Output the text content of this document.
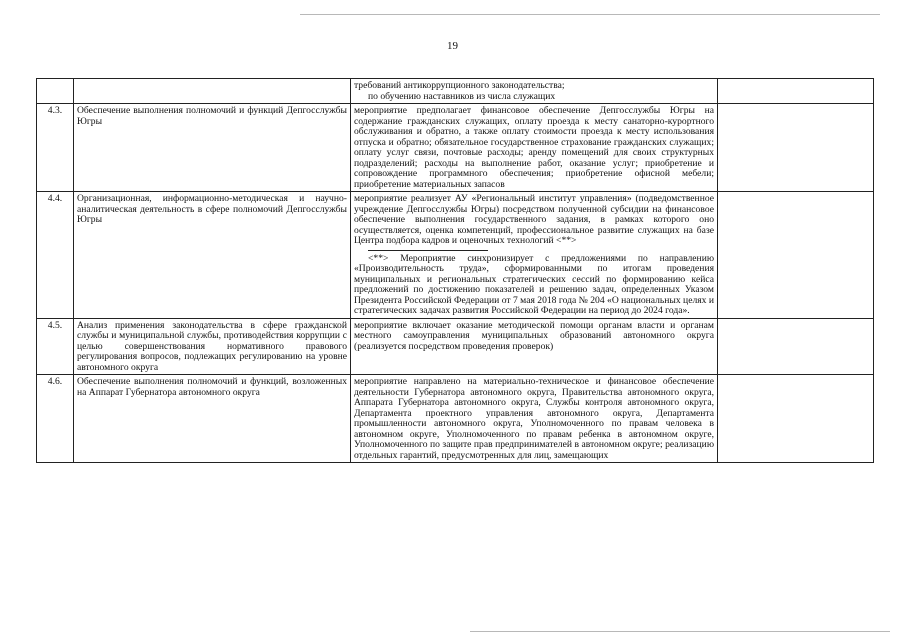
19

		требований антикоррупционного законодательства;
по обучению наставников из числа служащих	

4.3.	Обеспечение выполнения полномочий и функций Депгосслужбы Югры	мероприятие предполагает финансовое обеспечение Депгосслужбы Югры на содержание гражданских служащих, оплату проезда к месту санаторно-курортного обслуживания и обратно, а также оплату стоимости проезда к месту использования отпуска и обратно; обязательное государственное страхование гражданских служащих; оплату услуг связи, почтовые расходы; аренду помещений для своих структурных подразделений; расходы на выполнение работ, оказание услуг; приобретение и сопровождение программного обеспечения; приобретение офисной мебели; приобретение материальных запасов	

4.4.	Организационная, информационно-методическая и научно-аналитическая деятельность в сфере полномочий Депгосслужбы Югры	мероприятие реализует АУ «Региональный институт управления» (подведомственное учреждение Депгосслужбы Югры) посредством полученной субсидии на финансовое обеспечение выполнения государственного задания, в рамках которого оно осуществляется, оценка компетенций, профессиональное развитие служащих на базе Центра подбора кадров и оценочных технологий <**>
<**> Мероприятие синхронизирует с предложениями по направлению «Производительность труда», сформированными по итогам проведения муниципальных и региональных стратегических сессий по формированию кейса предложений по достижению показателей и решению задач, определенных Указом Президента Российской Федерации от 7 мая 2018 года № 204 «О национальных целях и стратегических задачах развития Российской Федерации на период до 2024 года».	

4.5.	Анализ применения законодательства в сфере гражданской службы и муниципальной службы, противодействия коррупции с целью совершенствования нормативного правового регулирования вопросов, подлежащих регулированию на уровне автономного округа	мероприятие включает оказание методической помощи органам власти и органам местного самоуправления муниципальных образований автономного округа (реализуется посредством проведения проверок)	

4.6.	Обеспечение выполнения полномочий и функций, возложенных на Аппарат Губернатора автономного округа	мероприятие направлено на материально-техническое и финансовое обеспечение деятельности Губернатора автономного округа, Правительства автономного округа, Аппарата Губернатора автономного округа, Службы контроля автономного округа, Департамента проектного управления автономного округа, Департамента промышленности автономного округа, Уполномоченного по правам человека в автономном округе, Уполномоченного по правам ребенка в автономном округе, Уполномоченного по защите прав предпринимателей в автономном округе; реализацию отдельных гарантий, предусмотренных для лиц, замещающих	
